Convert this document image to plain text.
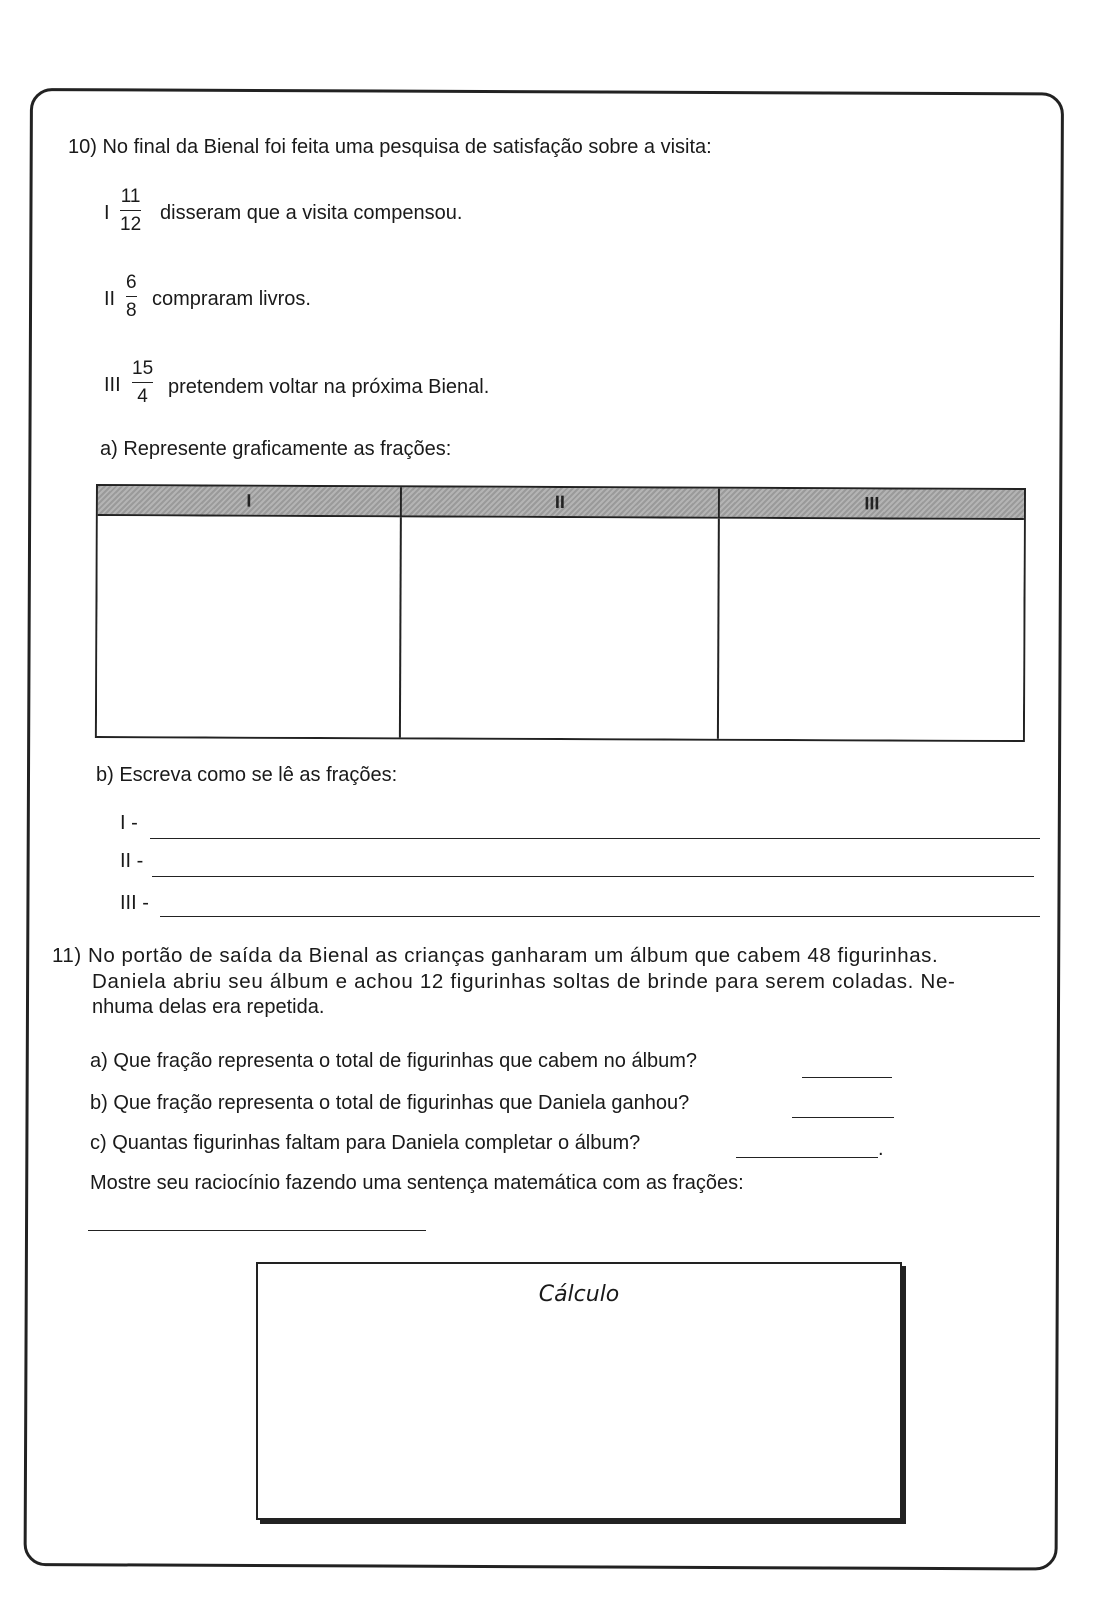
10) No final da Bienal foi feita uma pesquisa de satisfação sobre a visita:
I
11
12
disseram que a visita compensou.
II
6
8
compraram livros.
III
15
4 pretendem voltar na próxima Bienal.
a) Represente graficamente as frações:
I	II	III
b) Escreva como se lê as frações:
I -
II -
III -
11) No portão de saída da Bienal as crianças ganharam um álbum que cabem 48 figurinhas.
Daniela abriu seu álbum e achou 12 figurinhas soltas de brinde para serem coladas. Ne-
nhuma delas era repetida.
a) Que fração representa o total de figurinhas que cabem no álbum?
b) Que fração representa o total de figurinhas que Daniela ganhou?
c) Quantas figurinhas faltam para Daniela completar o álbum?	.
Mostre seu raciocínio fazendo uma sentença matemática com as frações:
Cálculo
